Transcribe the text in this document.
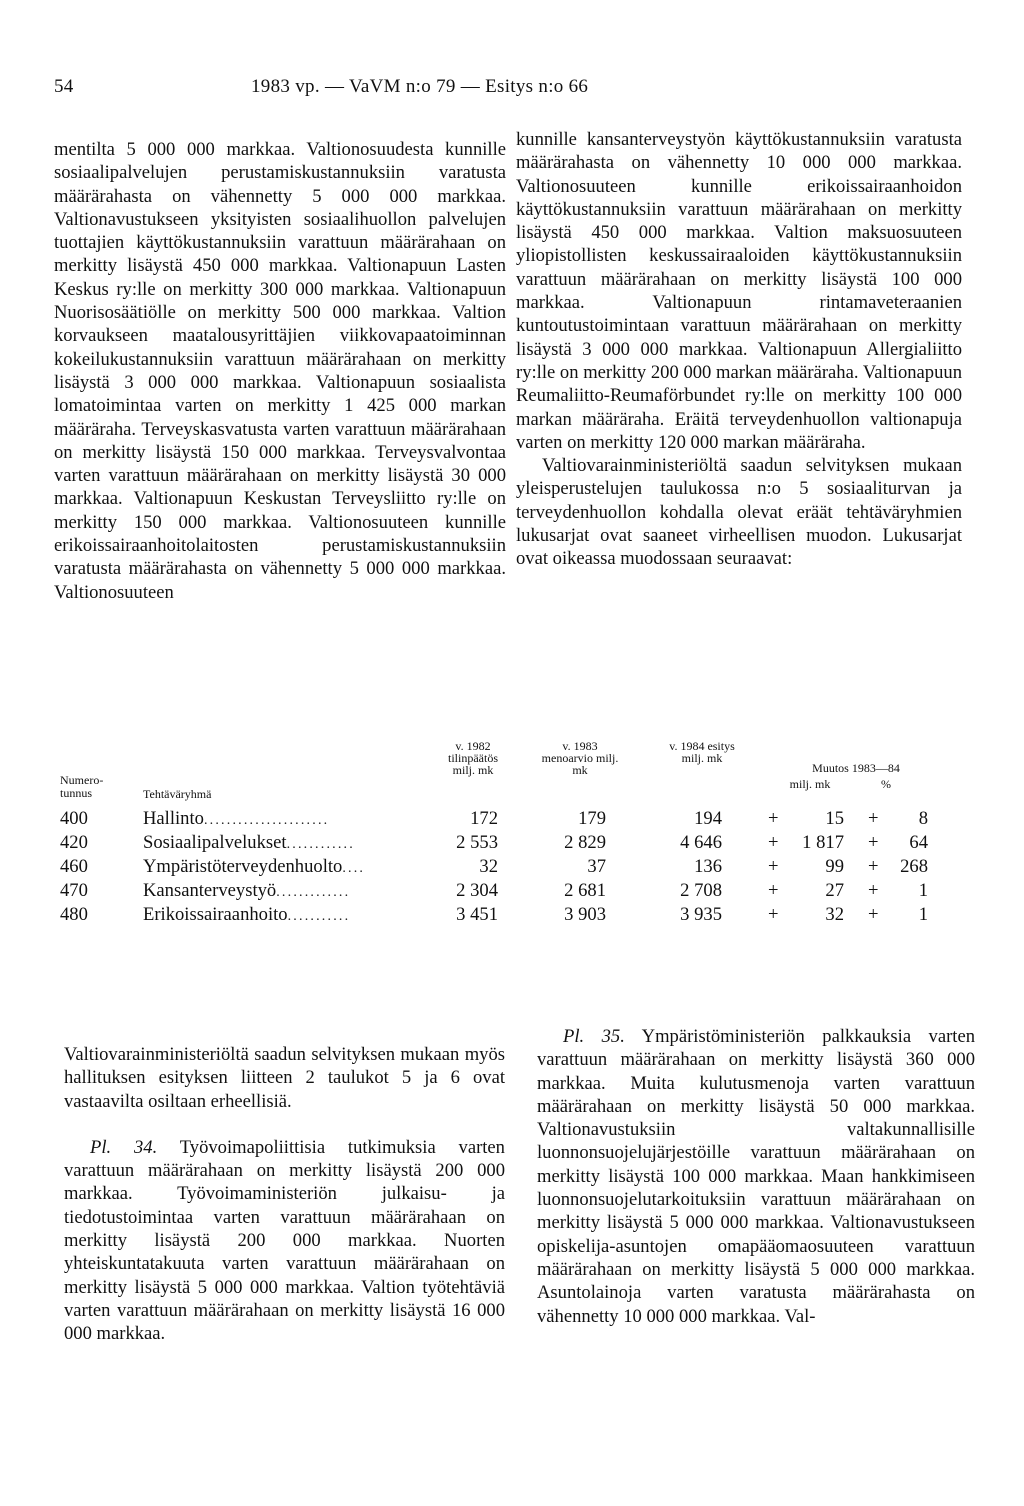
54	1983 vp. — VaVM n:o 79 — Esitys n:o 66

mentilta 5 000 000 markkaa. Valtionosuudesta kunnille sosiaalipalvelujen perustamiskustannuksiin varatusta määrärahasta on vähennetty 5 000 000 markkaa. Valtionavustukseen yksityisten sosiaalihuollon palvelujen tuottajien käyttökustannuksiin varattuun määrärahaan on merkitty lisäystä 450 000 markkaa. Valtionapuun Lasten Keskus ry:lle on merkitty 300 000 markkaa. Valtionapuun Nuorisosäätiölle on merkitty 500 000 markkaa. Valtion korvaukseen maatalousyrittäjien viikkovapaatoiminnan kokeilukustannuksiin varattuun määrärahaan on merkitty lisäystä 3 000 000 markkaa. Valtionapuun sosiaalista lomatoimintaa varten on merkitty 1 425 000 markan määräraha. Terveyskasvatusta varten varattuun määrärahaan on merkitty lisäystä 150 000 markkaa. Terveysvalvontaa varten varattuun määrärahaan on merkitty lisäystä 30 000 markkaa. Valtionapuun Keskustan Terveysliitto ry:lle on merkitty 150 000 markkaa. Valtionosuuteen kunnille erikoissairaanhoitolaitosten perustamiskustannuksiin varatusta määrärahasta on vähennetty 5 000 000 markkaa. Valtionosuuteen

kunnille kansanterveystyön käyttökustannuksiin varatusta määrärahasta on vähennetty 10 000 000 markkaa. Valtionosuuteen kunnille erikoissairaanhoidon käyttökustannuksiin varattuun määrärahaan on merkitty lisäystä 450 000 markkaa. Valtion maksuosuuteen yliopistollisten keskussairaaloiden käyttökustannuksiin varattuun määrärahaan on merkitty lisäystä 100 000 markkaa. Valtionapuun rintamaveteraanien kuntoutustoimintaan varattuun määrärahaan on merkitty lisäystä 3 000 000 markkaa. Valtionapuun Allergialiitto ry:lle on merkitty 200 000 markan määräraha. Valtionapuun Reumaliitto-Reumaförbundet ry:lle on merkitty 100 000 markan määräraha. Eräitä terveydenhuollon valtionapuja varten on merkitty 120 000 markan määräraha.

Valtiovarainministeriöltä saadun selvityksen mukaan yleisperustelujen taulukossa n:o 5 sosiaaliturvan ja terveydenhuollon kohdalla olevat eräät tehtäväryhmien lukusarjat ovat saaneet virheellisen muodon. Lukusarjat ovat oikeassa muodossaan seuraavat:

Numero-tunnus	Tehtäväryhmä
v. 1982 tilinpäätös milj. mk
v. 1983 menoarvio milj. mk
v. 1984 esitys milj. mk
Muutos 1983—84
milj. mk	%
400	Hallinto......................	172	179	194 +	15 +	8
420	Sosiaalipalvelukset............	2 553	2 829	4 646 +	1 817 +	64
460	Ympäristöterveydenhuolto....	32	37	136 +	99 +	268
470	Kansanterveystyö.............	2 304	2 681	2 708 +	27 +	1
480	Erikoissairaanhoito...........	3 451	3 903	3 935 +	32 +	1

Valtiovarainministeriöltä saadun selvityksen mukaan myös hallituksen esityksen liitteen 2 taulukot 5 ja 6 ovat vastaavilta osiltaan erheellisiä.

Pl. 34. Työvoimapoliittisia tutkimuksia varten varattuun määrärahaan on merkitty lisäystä 200 000 markkaa. Työvoimaministeriön julkaisu- ja tiedotustoimintaa varten varattuun määrärahaan on merkitty lisäystä 200 000 markkaa. Nuorten yhteiskuntatakuuta varten varattuun määrärahaan on merkitty lisäystä 5 000 000 markkaa. Valtion työtehtäviä varten varattuun määrärahaan on merkitty lisäystä 16 000 000 markkaa.

Pl. 35. Ympäristöministeriön palkkauksia varten varattuun määrärahaan on merkitty lisäystä 360 000 markkaa. Muita kulutusmenoja varten varattuun määrärahaan on merkitty lisäystä 50 000 markkaa. Valtionavustuksiin valtakunnallisille luonnonsuojelujärjestöille varattuun määrärahaan on merkitty lisäystä 100 000 markkaa. Maan hankkimiseen luonnonsuojelutarkoituksiin varattuun määrärahaan on merkitty lisäystä 5 000 000 markkaa. Valtionavustukseen opiskelija-asuntojen omapääomaosuuteen varattuun määrärahaan on merkitty lisäystä 5 000 000 markkaa. Asuntolainoja varten varatusta määrärahasta on vähennetty 10 000 000 markkaa. Val-
